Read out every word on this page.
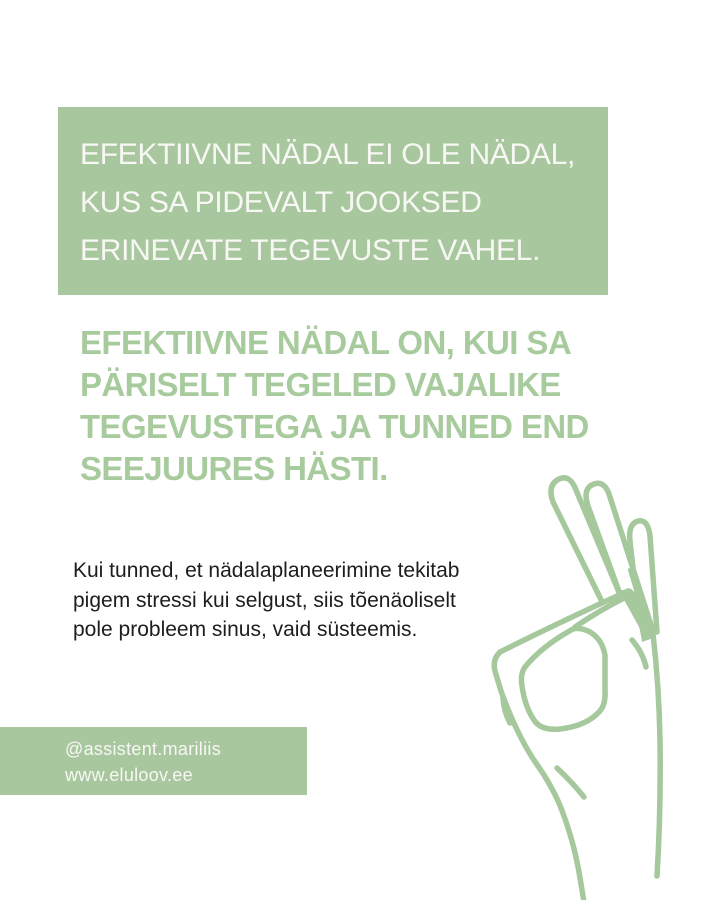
EFEKTIIVNE NÄDAL EI OLE NÄDAL,
KUS SA PIDEVALT JOOKSED
ERINEVATE TEGEVUSTE VAHEL.
EFEKTIIVNE NÄDAL ON, KUI SA
PÄRISELT TEGELED VAJALIKE
TEGEVUSTEGA JA TUNNED END
SEEJUURES HÄSTI.
Kui tunned, et nädalaplaneerimine tekitab
pigem stressi kui selgust, siis tõenäoliselt
pole probleem sinus, vaid süsteemis.
@assistent.mariliis
www.eluloov.ee
